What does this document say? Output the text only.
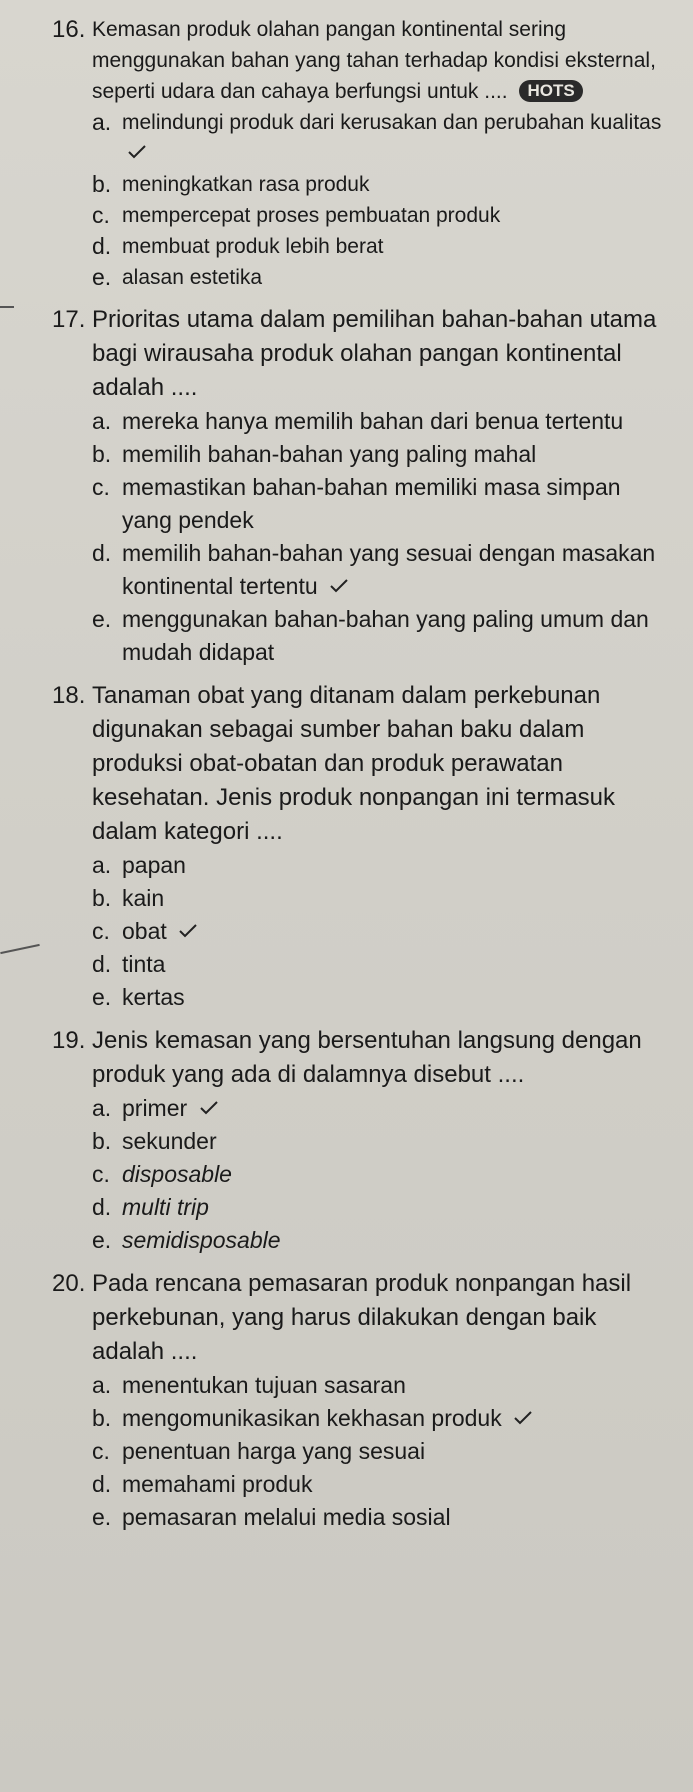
16. Kemasan produk olahan pangan kontinental sering menggunakan bahan yang tahan terhadap kondisi eksternal, seperti udara dan cahaya berfungsi untuk .... HOTS
a. melindungi produk dari kerusakan dan perubahan kualitas
b. meningkatkan rasa produk
c. mempercepat proses pembuatan produk
d. membuat produk lebih berat
e. alasan estetika
17. Prioritas utama dalam pemilihan bahan-bahan utama bagi wirausaha produk olahan pangan kontinental adalah ....
a. mereka hanya memilih bahan dari benua tertentu
b. memilih bahan-bahan yang paling mahal
c. memastikan bahan-bahan memiliki masa simpan yang pendek
d. memilih bahan-bahan yang sesuai dengan masakan kontinental tertentu
e. menggunakan bahan-bahan yang paling umum dan mudah didapat
18. Tanaman obat yang ditanam dalam perkebunan digunakan sebagai sumber bahan baku dalam produksi obat-obatan dan produk perawatan kesehatan. Jenis produk nonpangan ini termasuk dalam kategori ....
a. papan
b. kain
c. obat
d. tinta
e. kertas
19. Jenis kemasan yang bersentuhan langsung dengan produk yang ada di dalamnya disebut ....
a. primer
b. sekunder
c. disposable
d. multi trip
e. semidisposable
20. Pada rencana pemasaran produk nonpangan hasil perkebunan, yang harus dilakukan dengan baik adalah ....
a. menentukan tujuan sasaran
b. mengomunikasikan kekhasan produk
c. penentuan harga yang sesuai
d. memahami produk
e. pemasaran melalui media sosial
